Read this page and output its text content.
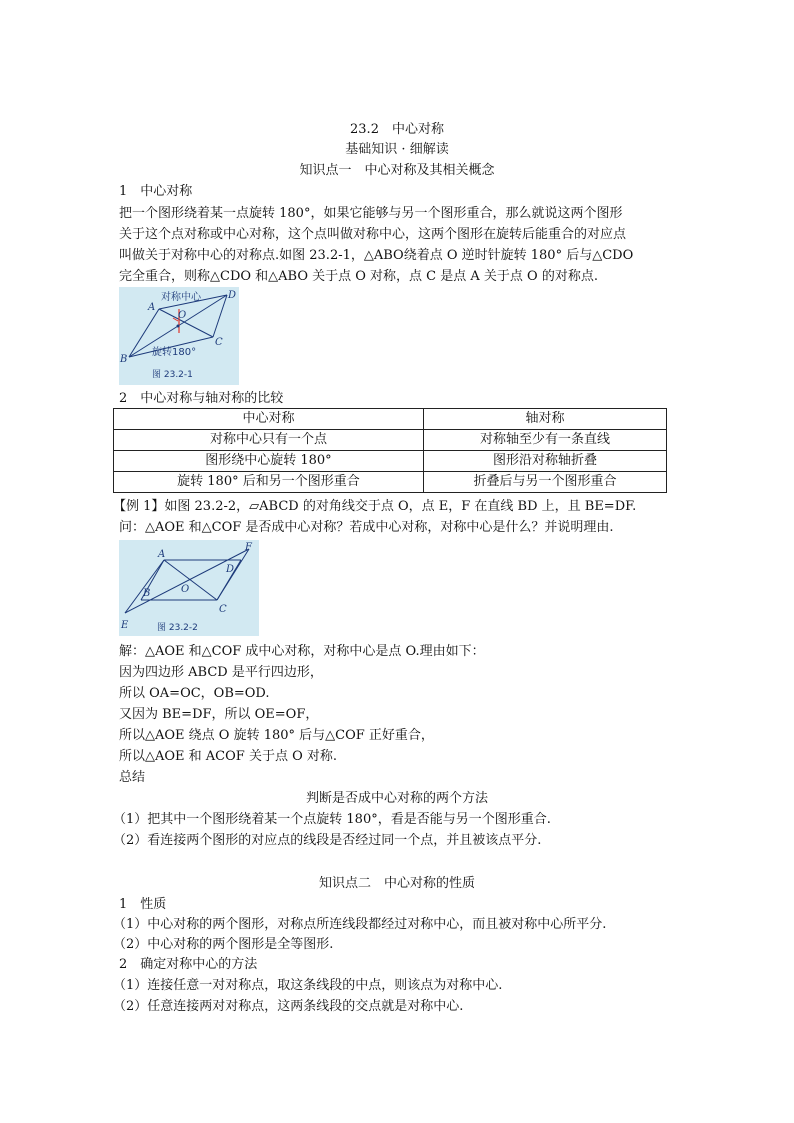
23.2　中心对称
基础知识 · 细解读
知识点一　中心对称及其相关概念
1　中心对称
把一个图形绕着某一点旋转 180°，如果它能够与另一个图形重合，那么就说这两个图形
关于这个点对称或中心对称，这个点叫做对称中心，这两个图形在旋转后能重合的对应点
叫做关于对称中心的对称点.如图 23.2-1，△ABO绕着点 O 逆时针旋转 180° 后与△CDO
完全重合，则称△CDO 和△ABO 关于点 O 对称，点 C 是点 A 关于点 O 的对称点.
对称中心
A
B
C
D
O
旋转180°
图 23.2-1
2　中心对称与轴对称的比较
中心对称	轴对称
对称中心只有一个点	对称轴至少有一条直线
图形绕中心旋转 180°	图形沿对称轴折叠
旋转 180° 后和另一个图形重合	折叠后与另一个图形重合
【例 1】如图 23.2-2，▱ABCD 的对角线交于点 O，点 E，F 在直线 BD 上，且 BE=DF.
问：△AOE 和△COF 是否成中心对称？若成中心对称，对称中心是什么？并说明理由.
A
B
C
D
E
F
O
图 23.2-2
解：△AOE 和△COF 成中心对称，对称中心是点 O.理由如下：
因为四边形 ABCD 是平行四边形，
所以 OA=OC，OB=OD.
又因为 BE=DF，所以 OE=OF，
所以△AOE 绕点 O 旋转 180° 后与△COF 正好重合，
所以△AOE 和 ACOF 关于点 O 对称.
总结
判断是否成中心对称的两个方法
（1）把其中一个图形绕着某一个点旋转 180°，看是否能与另一个图形重合.
（2）看连接两个图形的对应点的线段是否经过同一个点，并且被该点平分.
知识点二　中心对称的性质
1　性质
（1）中心对称的两个图形，对称点所连线段都经过对称中心，而且被对称中心所平分.
（2）中心对称的两个图形是全等图形.
2　确定对称中心的方法
（1）连接任意一对对称点，取这条线段的中点，则该点为对称中心.
（2）任意连接两对对称点，这两条线段的交点就是对称中心.
